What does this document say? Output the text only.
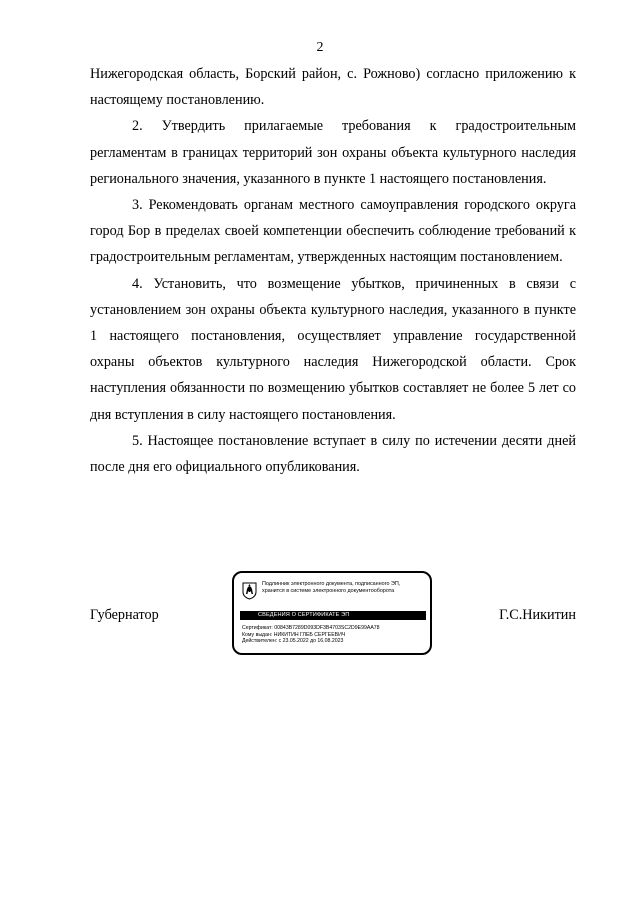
2

Нижегородская область, Борский район, с. Рожново) согласно приложению к настоящему постановлению.

2. Утвердить прилагаемые требования к градостроительным регламентам в границах территорий зон охраны объекта культурного наследия регионального значения, указанного в пункте 1 настоящего постановления.

3. Рекомендовать органам местного самоуправления городского округа город Бор в пределах своей компетенции обеспечить соблюдение требований к градостроительным регламентам, утвержденных настоящим постановлением.

4. Установить, что возмещение убытков, причиненных в связи с установлением зон охраны объекта культурного наследия, указанного в пункте 1 настоящего постановления, осуществляет управление государственной охраны объектов культурного наследия Нижегородской области. Срок наступления обязанности по возмещению убытков составляет не более 5 лет со дня вступления в силу настоящего постановления.

5. Настоящее постановление вступает в силу по истечении десяти дней после дня его официального опубликования.

Губернатор
Подлинник электронного документа, подписанного ЭП,
хранится в системе электронного документооборота
СВЕДЕНИЯ О СЕРТИФИКАТЕ ЭП
Сертификат: 00843B7289D093DF3B4703SC2D9E99AA78
Кому выдан: НИКИТИН ГЛЕБ СЕРГЕЕВИЧ
Действителен: с 23.05.2022 до 16.08.2023
Г.С.Никитин
